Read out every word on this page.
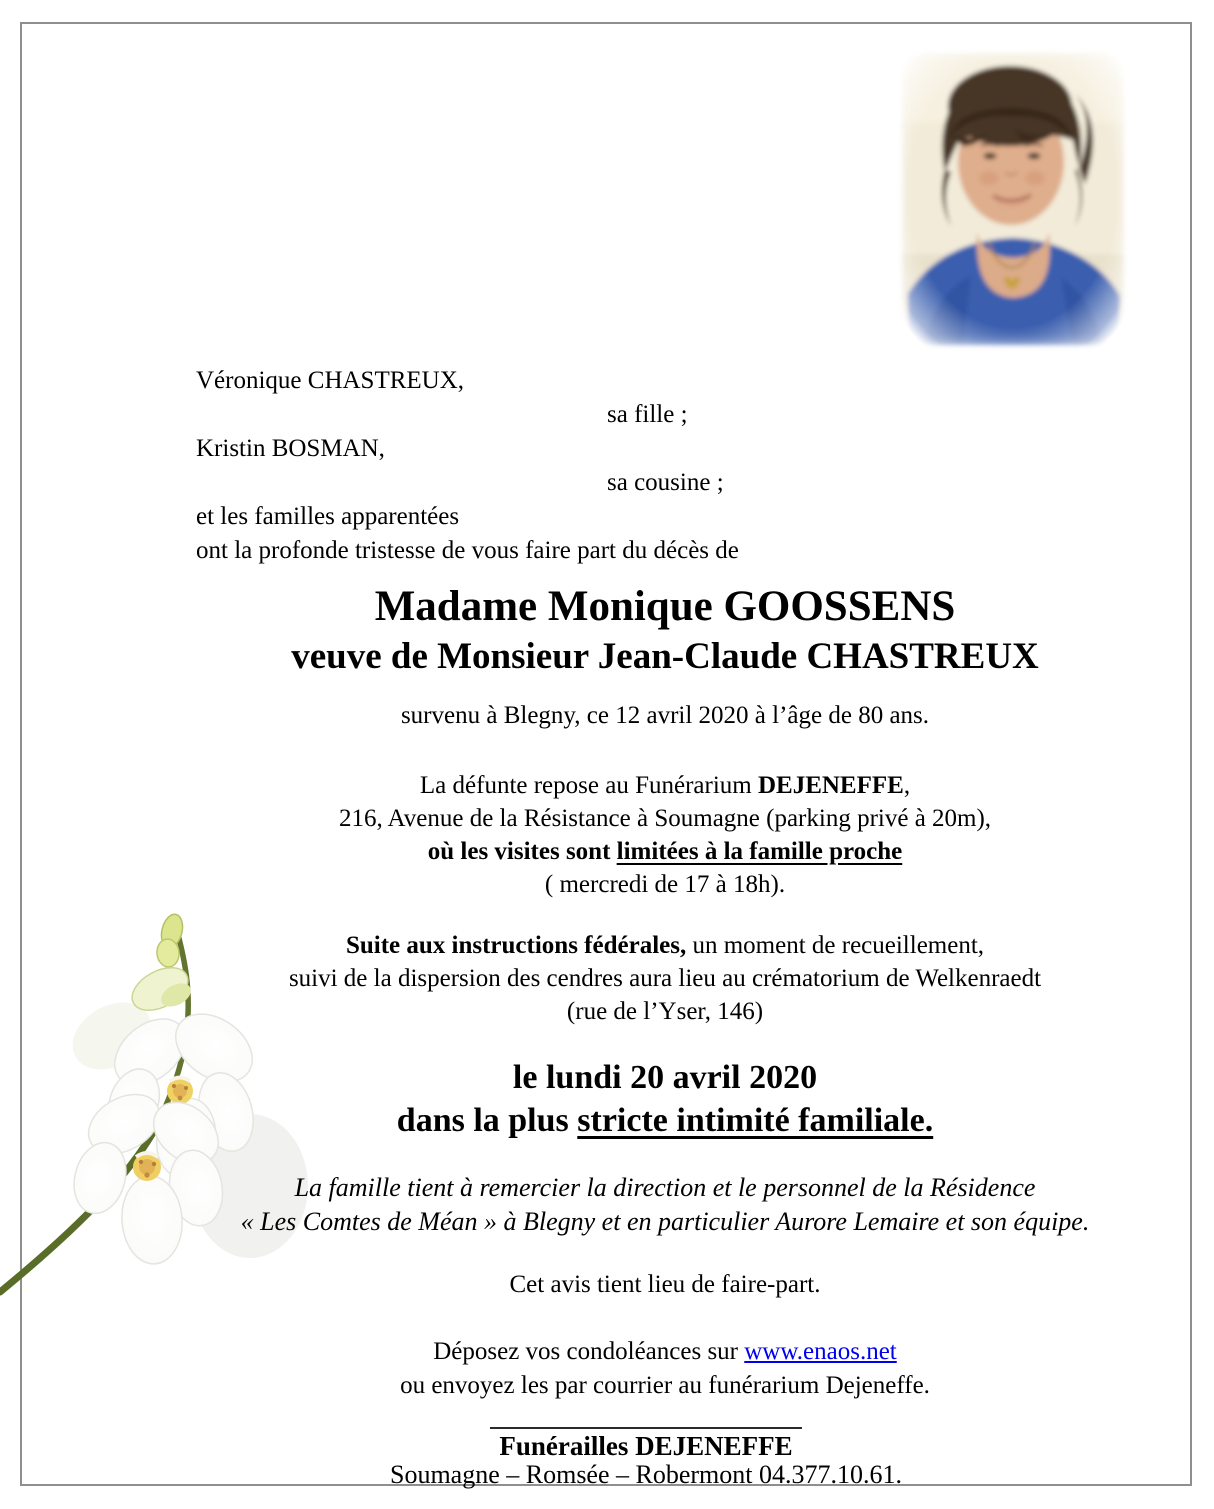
Véronique CHASTREUX,
sa fille ;
Kristin BOSMAN,
sa cousine ;
et les familles apparentées
ont la profonde tristesse de vous faire part du décès de
Madame Monique GOOSSENS
veuve de Monsieur Jean-Claude CHASTREUX
survenu à Blegny, ce 12 avril 2020 à l’âge de 80 ans.
La défunte repose au Funérarium DEJENEFFE,
216, Avenue de la Résistance à Soumagne (parking privé à 20m),
où les visites sont limitées à la famille proche
( mercredi de 17 à 18h).
Suite aux instructions fédérales, un moment de recueillement,
suivi de la dispersion des cendres aura lieu au crématorium de Welkenraedt
(rue de l’Yser, 146)
le lundi 20 avril 2020
dans la plus stricte intimité familiale.
La famille tient à remercier la direction et le personnel de la Résidence
« Les Comtes de Méan » à Blegny et en particulier Aurore Lemaire et son équipe.
Cet avis tient lieu de faire-part.
Déposez vos condoléances sur www.enaos.net
ou envoyez les par courrier au funérarium Dejeneffe.
Funérailles DEJENEFFE
Soumagne – Romsée – Robermont 04.377.10.61.
